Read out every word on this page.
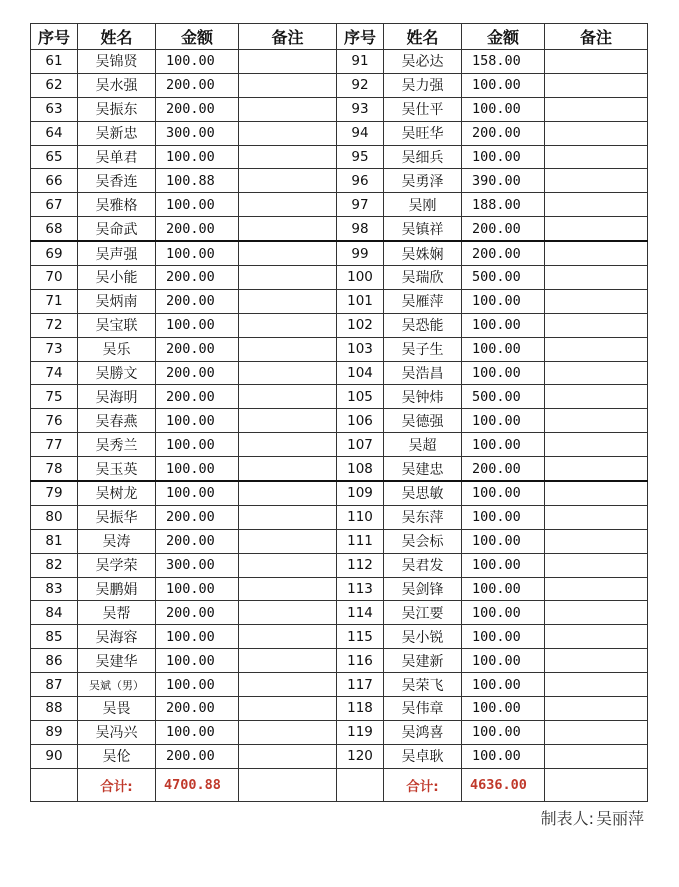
序号	姓名	金额	备注	序号	姓名	金额	备注
61	吴锦贤	100.00		91	吴必达	158.00	
62	吴水强	200.00		92	吴力强	100.00	
63	吴振东	200.00		93	吴仕平	100.00	
64	吴新忠	300.00		94	吴旺华	200.00	
65	吴单君	100.00		95	吴细兵	100.00	
66	吴香连	100.88		96	吴勇泽	390.00	
67	吴雅格	100.00		97	吴刚	188.00	
68	吴命武	200.00		98	吴镇祥	200.00	
69	吴声强	100.00		99	吴姝娴	200.00	
70	吴小能	200.00		100	吴瑞欣	500.00	
71	吴炳南	200.00		101	吴雁萍	100.00	
72	吴宝联	100.00		102	吴恐能	100.00	
73	吴乐	200.00		103	吴子生	100.00	
74	吴勝文	200.00		104	吴浩昌	100.00	
75	吴海明	200.00		105	吴钟炜	500.00	
76	吴春燕	100.00		106	吴德强	100.00	
77	吴秀兰	100.00		107	吴超	100.00	
78	吴玉英	100.00		108	吴建忠	200.00	
79	吴树龙	100.00		109	吴思敏	100.00	
80	吴振华	200.00		110	吴东萍	100.00	
81	吴涛	200.00		111	吴会标	100.00	
82	吴学荣	300.00		112	吴君发	100.00	
83	吴鹏娟	100.00		113	吴剑锋	100.00	
84	吴帮	200.00		114	吴江要	100.00	
85	吴海容	100.00		115	吴小锐	100.00	
86	吴建华	100.00		116	吴建新	100.00	
87	吴斌（男）	100.00		117	吴荣飞	100.00	
88	吴畏	200.00		118	吴伟章	100.00	
89	吴冯兴	100.00		119	吴鸿喜	100.00	
90	吴伦	200.00		120	吴卓耿	100.00	
	合计:	4700.88			合计:	4636.00	
制表人: 吴丽萍
